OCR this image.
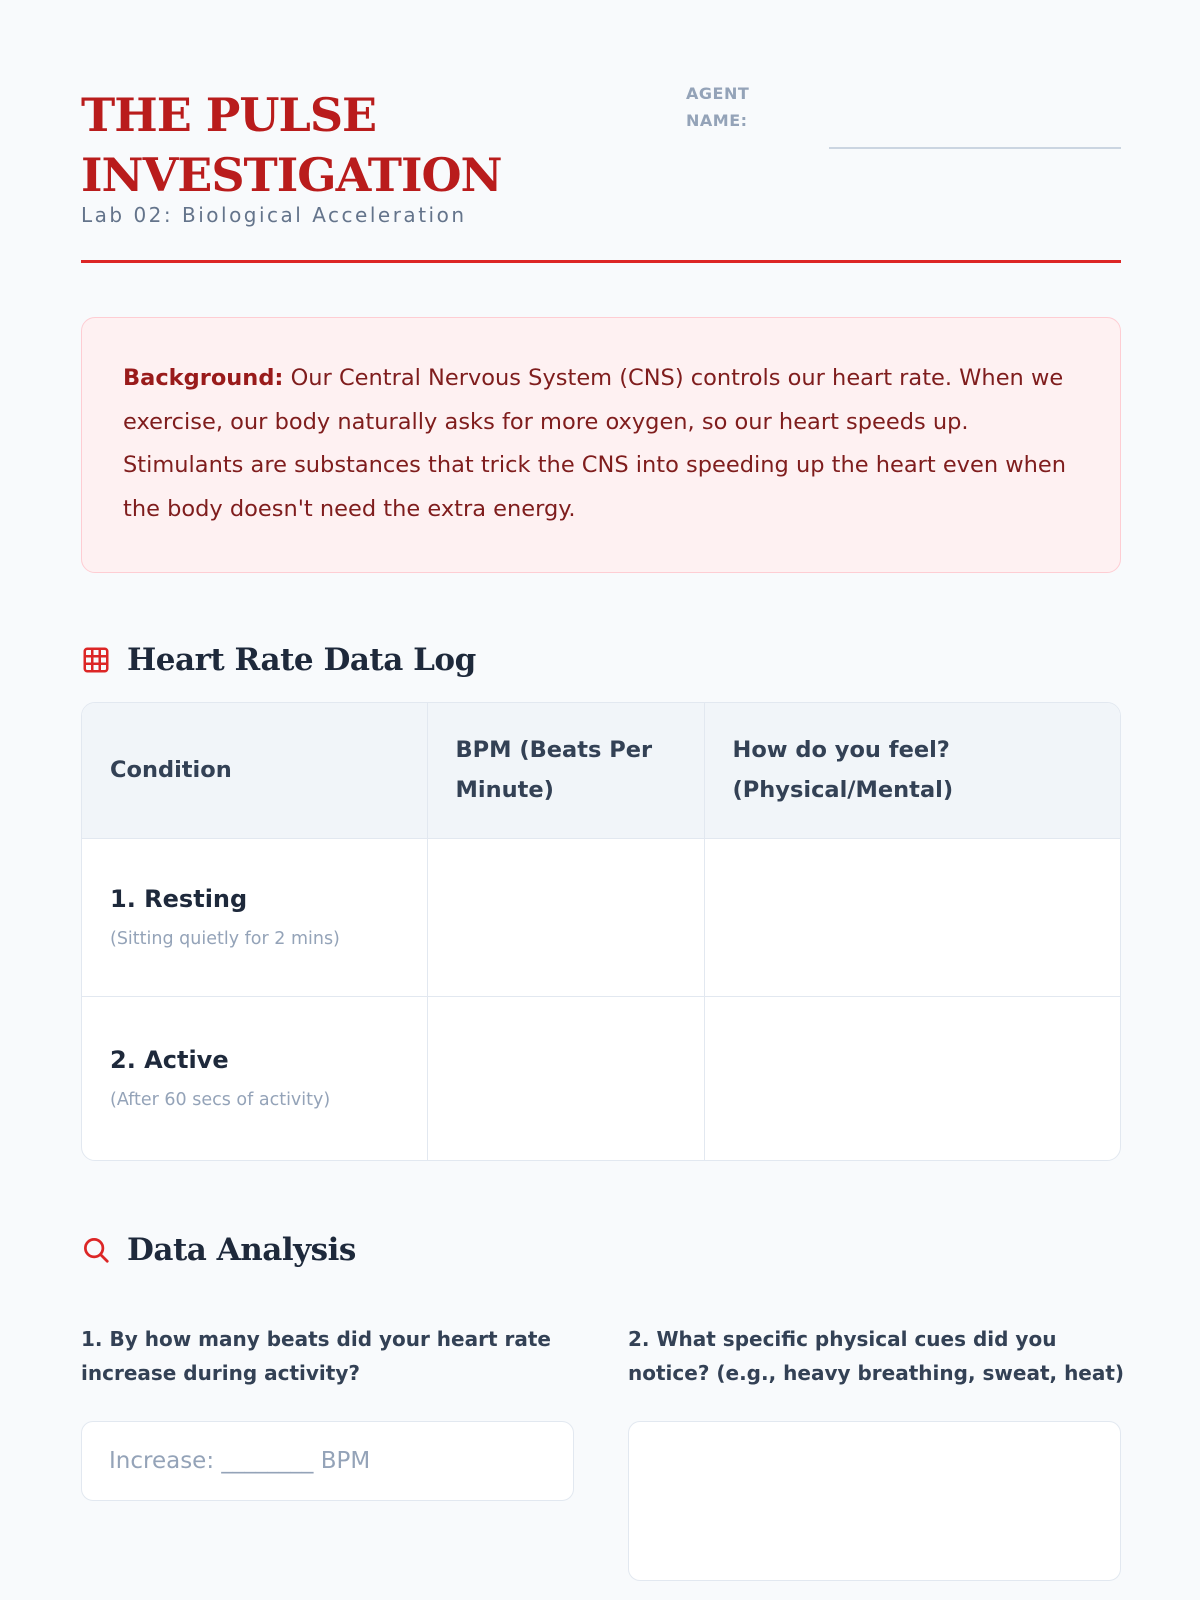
THE PULSE INVESTIGATION
Lab 02: Biological Acceleration
AGENT NAME:
Background: Our Central Nervous System (CNS) controls our heart rate. When we exercise, our body naturally asks for more oxygen, so our heart speeds up. Stimulants are substances that trick the CNS into speeding up the heart even when the body doesn't need the extra energy.
Heart Rate Data Log
Condition	BPM (Beats Per Minute)	How do you feel? (Physical/Mental)

1. Resting
(Sitting quietly for 2 mins)		

2. Active
(After 60 secs of activity)		

Data Analysis
1. By how many beats did your heart rate increase during activity?
2. What specific physical cues did you notice? (e.g., heavy breathing, sweat, heat)
Increase: ________ BPM
